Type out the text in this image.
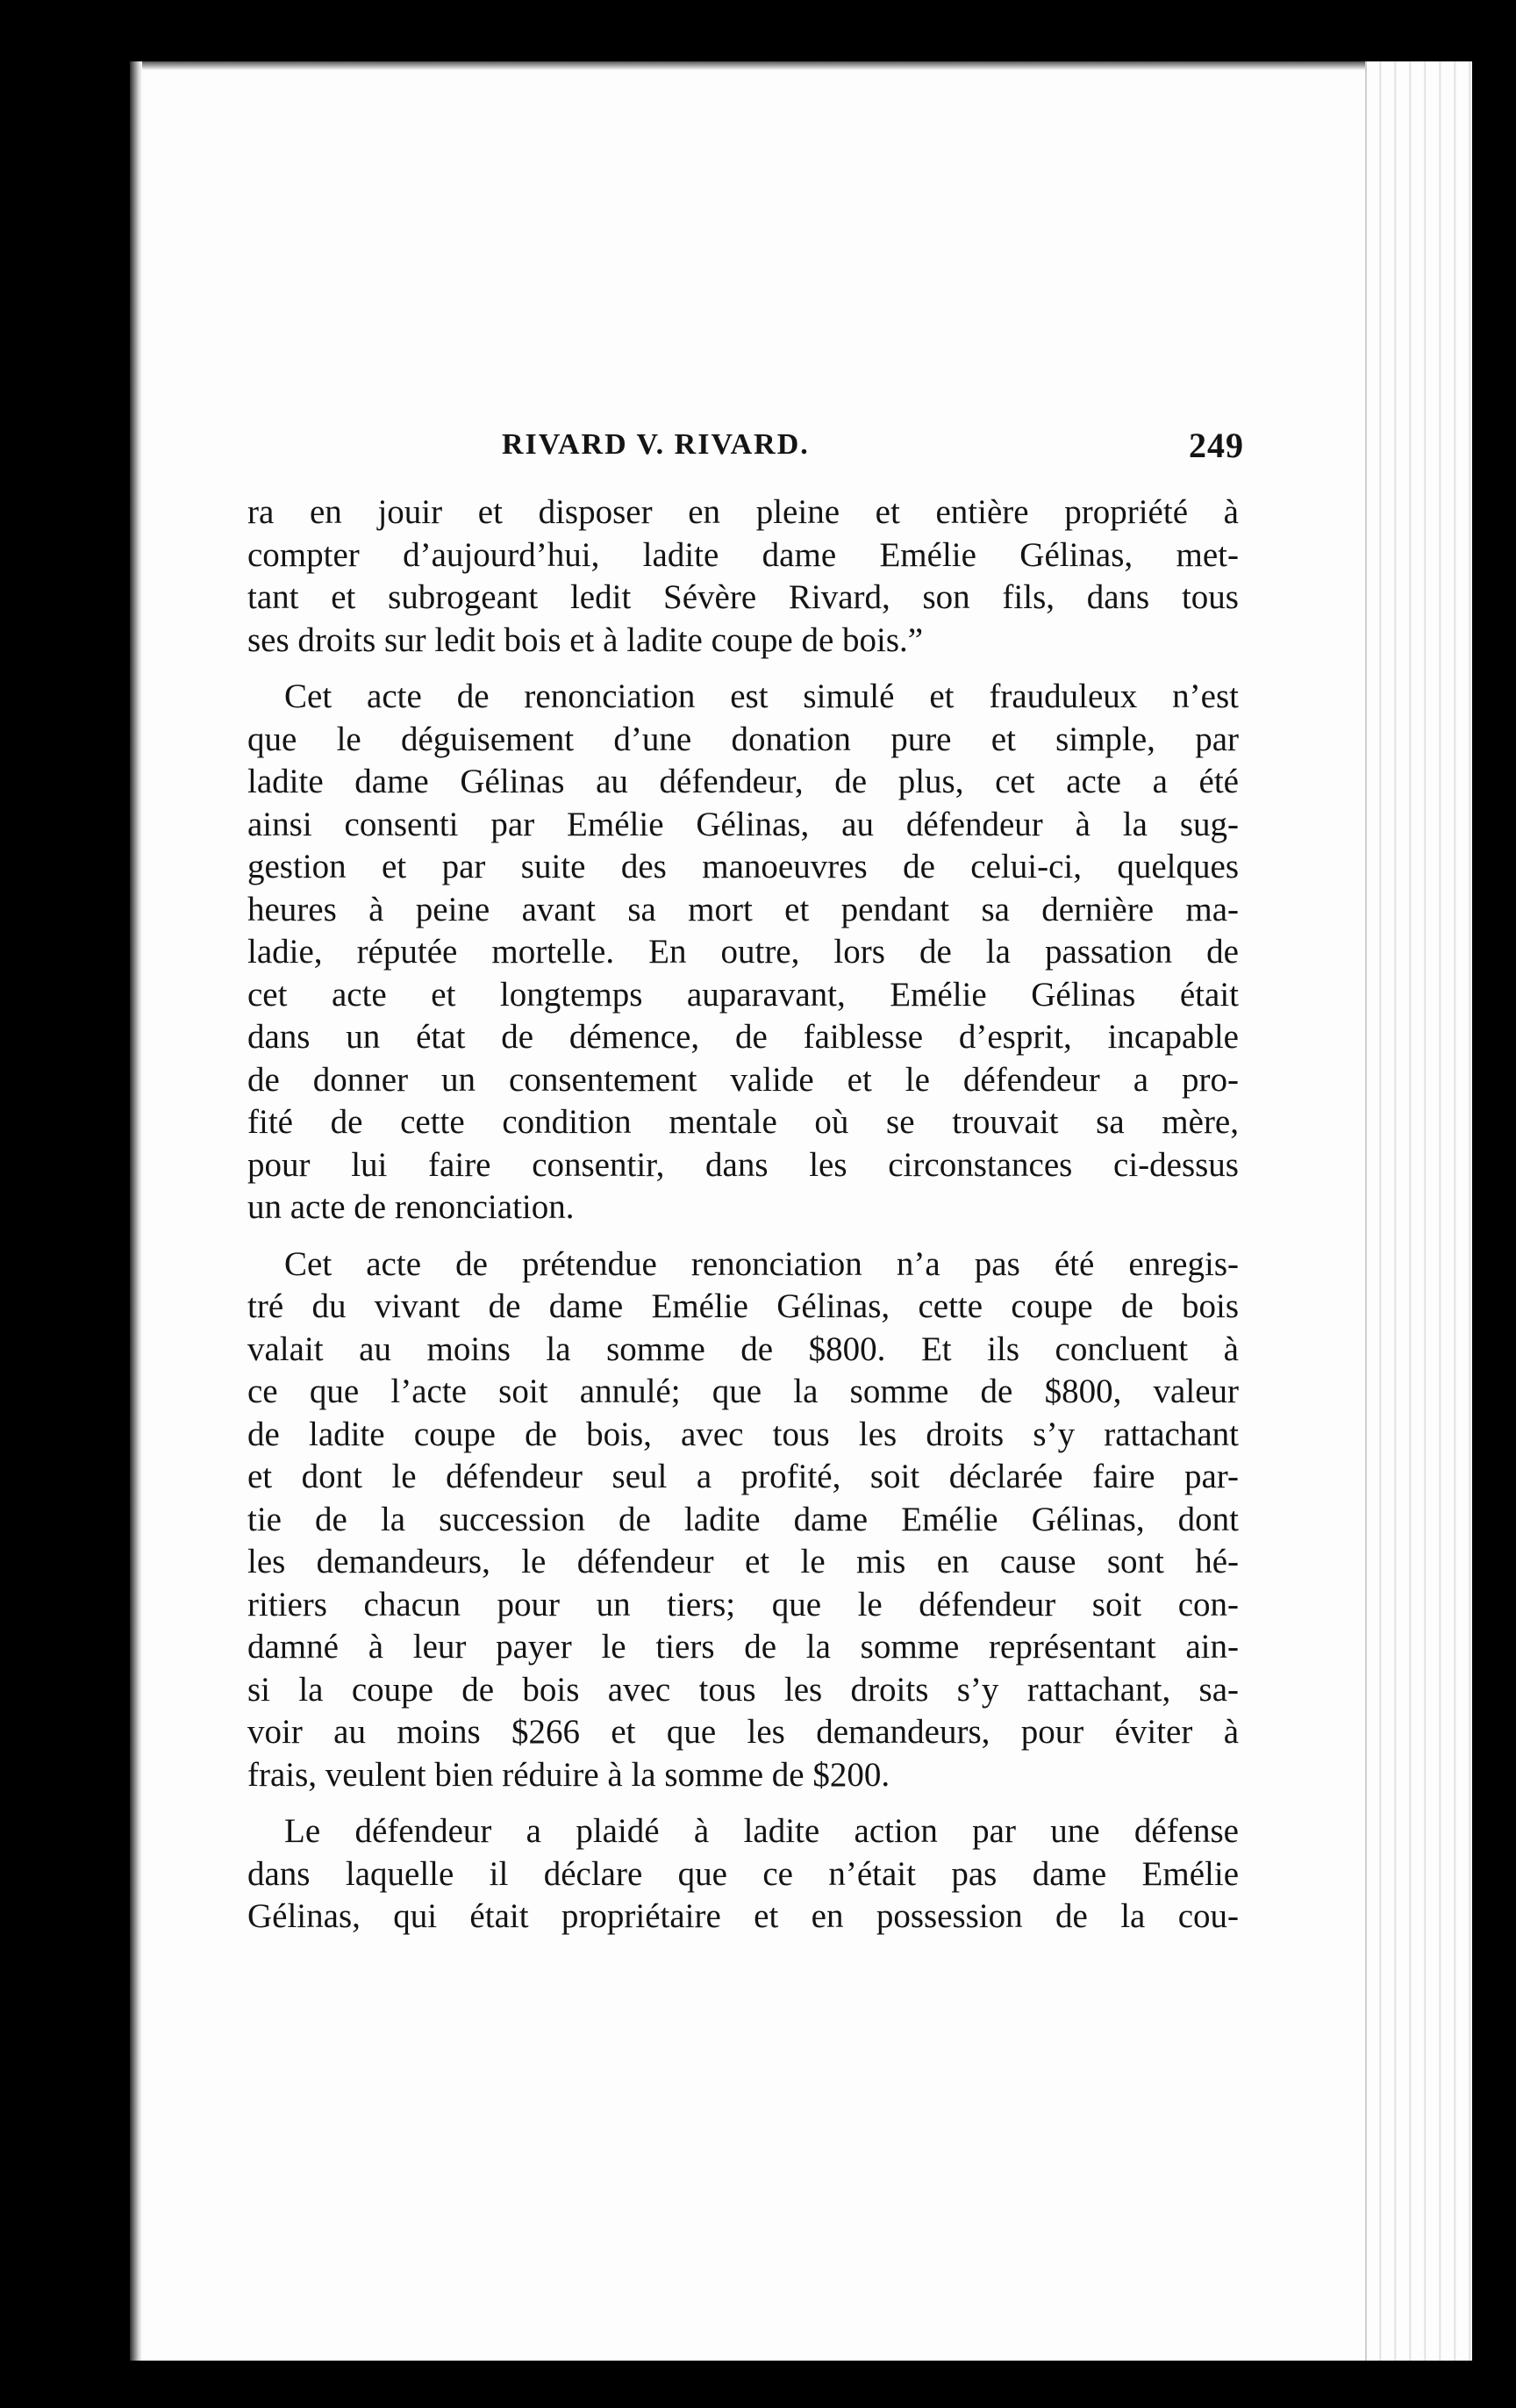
RIVARD V. RIVARD.	249

ra en jouir et disposer en pleine et entière propriété à
compter d’aujourd’hui, ladite dame Emélie Gélinas, met-
tant et subrogeant ledit Sévère Rivard, son fils, dans tous
ses droits sur ledit bois et à ladite coupe de bois.”

Cet acte de renonciation est simulé et frauduleux n’est
que le déguisement d’une donation pure et simple, par
ladite dame Gélinas au défendeur, de plus, cet acte a été
ainsi consenti par Emélie Gélinas, au défendeur à la sug-
gestion et par suite des manoeuvres de celui-ci, quelques
heures à peine avant sa mort et pendant sa dernière ma-
ladie, réputée mortelle. En outre, lors de la passation de
cet acte et longtemps auparavant, Emélie Gélinas était
dans un état de démence, de faiblesse d’esprit, incapable
de donner un consentement valide et le défendeur a pro-
fité de cette condition mentale où se trouvait sa mère,
pour lui faire consentir, dans les circonstances ci-dessus
un acte de renonciation.

Cet acte de prétendue renonciation n’a pas été enregis-
tré du vivant de dame Emélie Gélinas, cette coupe de bois
valait au moins la somme de $800. Et ils concluent à
ce que l’acte soit annulé; que la somme de $800, valeur
de ladite coupe de bois, avec tous les droits s’y rattachant
et dont le défendeur seul a profité, soit déclarée faire par-
tie de la succession de ladite dame Emélie Gélinas, dont
les demandeurs, le défendeur et le mis en cause sont hé-
ritiers chacun pour un tiers; que le défendeur soit con-
damné à leur payer le tiers de la somme représentant ain-
si la coupe de bois avec tous les droits s’y rattachant, sa-
voir au moins $266 et que les demandeurs, pour éviter à
frais, veulent bien réduire à la somme de $200.

Le défendeur a plaidé à ladite action par une défense
dans laquelle il déclare que ce n’était pas dame Emélie
Gélinas, qui était propriétaire et en possession de la cou-
